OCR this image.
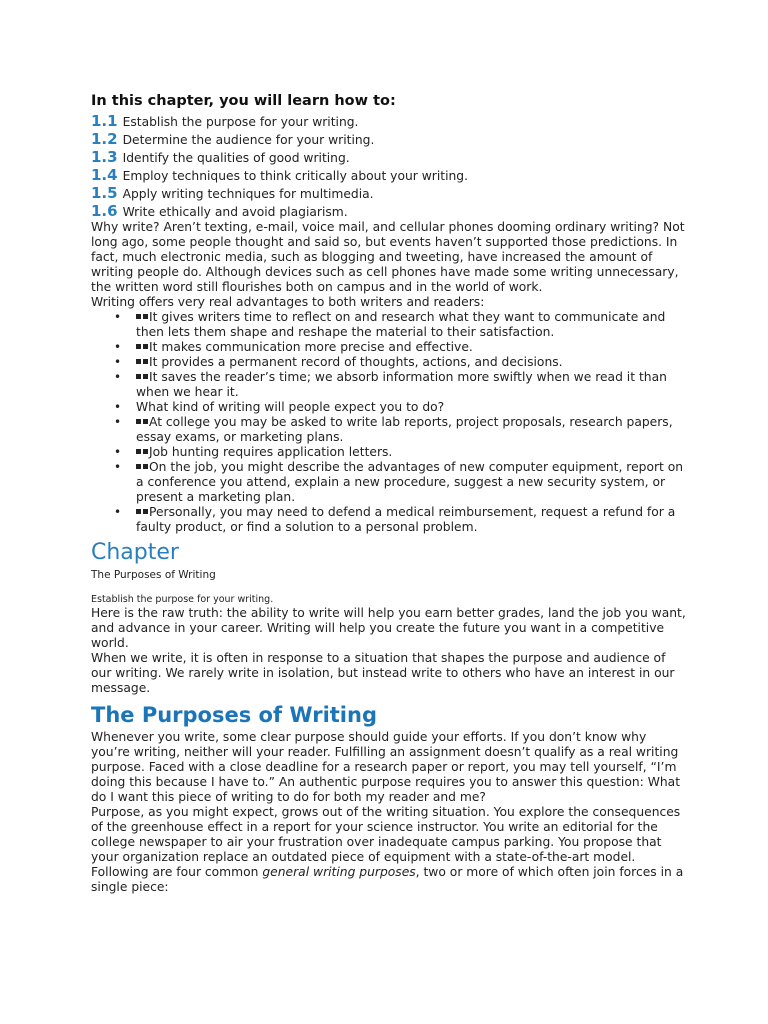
In this chapter, you will learn how to:
1.1 Establish the purpose for your writing.
1.2 Determine the audience for your writing.
1.3 Identify the qualities of good writing.
1.4 Employ techniques to think critically about your writing.
1.5 Apply writing techniques for multimedia.
1.6 Write ethically and avoid plagiarism.

Why write? Aren’t texting, e-mail, voice mail, and cellular phones dooming ordinary writing? Not long ago, some people thought and said so, but events haven’t supported those predictions. In fact, much electronic media, such as blogging and tweeting, have increased the amount of writing people do. Although devices such as cell phones have made some writing unnecessary, the written word still flourishes both on campus and in the world of work.

Writing offers very real advantages to both writers and readers:

• It gives writers time to reflect on and research what they want to communicate and then lets them shape and reshape the material to their satisfaction.
• It makes communication more precise and effective.
• It provides a permanent record of thoughts, actions, and decisions.
• It saves the reader’s time; we absorb information more swiftly when we read it than when we hear it.
• What kind of writing will people expect you to do?
• At college you may be asked to write lab reports, project proposals, research papers, essay exams, or marketing plans.
• Job hunting requires application letters.
• On the job, you might describe the advantages of new computer equipment, report on a conference you attend, explain a new procedure, suggest a new security system, or present a marketing plan.
• Personally, you may need to defend a medical reimbursement, request a refund for a faulty product, or find a solution to a personal problem.
Chapter
The Purposes of Writing
Establish the purpose for your writing.

Here is the raw truth: the ability to write will help you earn better grades, land the job you want, and advance in your career. Writing will help you create the future you want in a competitive world.

When we write, it is often in response to a situation that shapes the purpose and audience of our writing. We rarely write in isolation, but instead write to others who have an interest in our message.

The Purposes of Writing

Whenever you write, some clear purpose should guide your efforts. If you don’t know why you’re writing, neither will your reader. Fulfilling an assignment doesn’t qualify as a real writing purpose. Faced with a close deadline for a research paper or report, you may tell yourself, “I’m doing this because I have to.” An authentic purpose requires you to answer this question: What do I want this piece of writing to do for both my reader and me?

Purpose, as you might expect, grows out of the writing situation. You explore the consequences of the greenhouse effect in a report for your science instructor. You write an editorial for the college newspaper to air your frustration over inadequate campus parking. You propose that your organization replace an outdated piece of equipment with a state-of-the-art model.

Following are four common general writing purposes, two or more of which often join forces in a single piece:
